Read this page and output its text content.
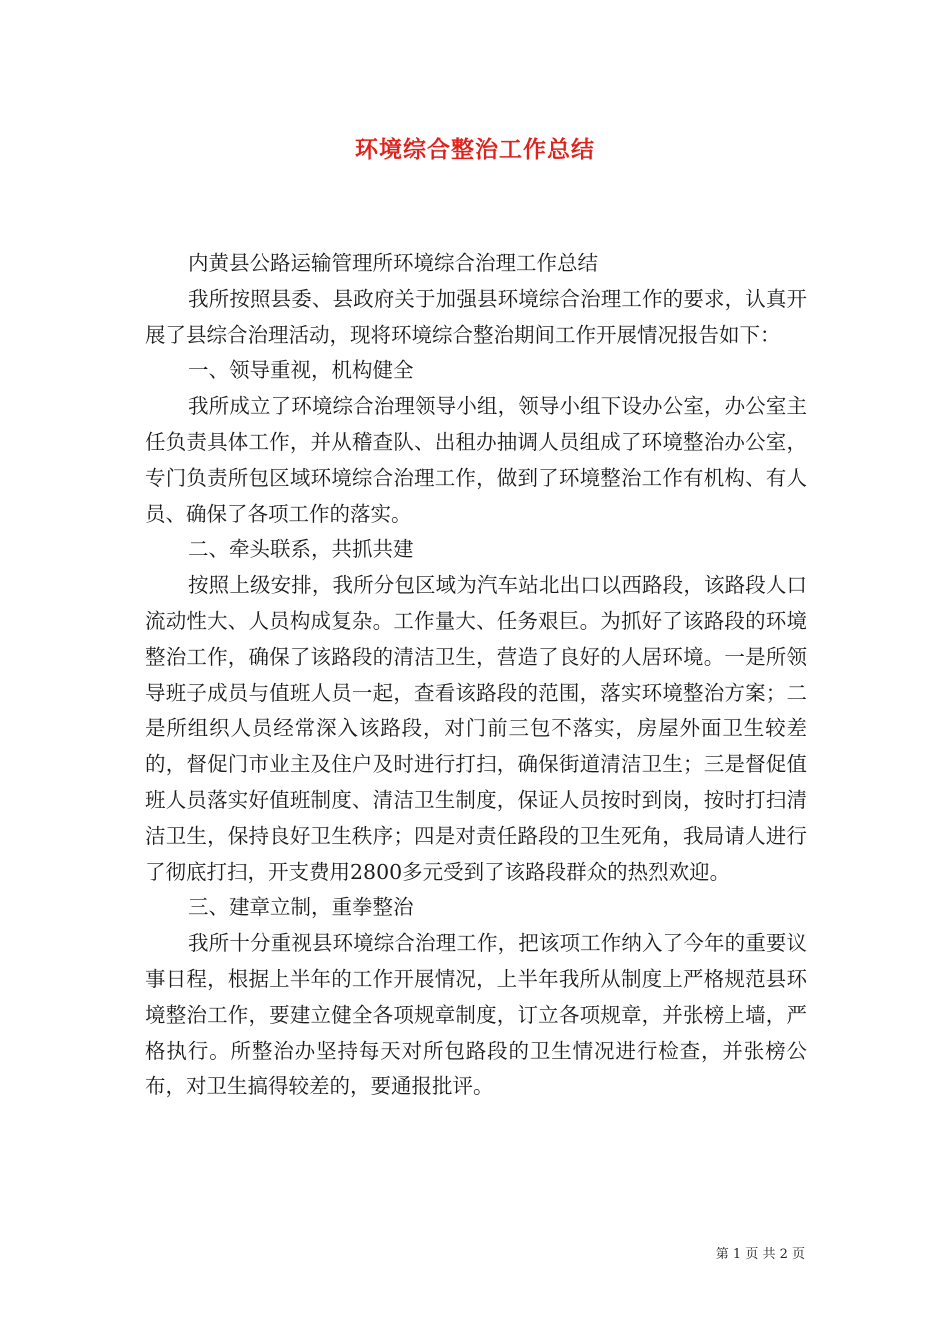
环境综合整治工作总结

内黄县公路运输管理所环境综合治理工作总结

我所按照县委、县政府关于加强县环境综合治理工作的要求，认真开展了县综合治理活动，现将环境综合整治期间工作开展情况报告如下：

一、领导重视，机构健全

我所成立了环境综合治理领导小组，领导小组下设办公室，办公室主任负责具体工作，并从稽查队、出租办抽调人员组成了环境整治办公室，专门负责所包区域环境综合治理工作，做到了环境整治工作有机构、有人员、确保了各项工作的落实。

二、牵头联系，共抓共建

按照上级安排，我所分包区域为汽车站北出口以西路段，该路段人口流动性大、人员构成复杂。工作量大、任务艰巨。为抓好了该路段的环境整治工作，确保了该路段的清洁卫生，营造了良好的人居环境。一是所领导班子成员与值班人员一起，查看该路段的范围，落实环境整治方案；二是所组织人员经常深入该路段，对门前三包不落实，房屋外面卫生较差的，督促门市业主及住户及时进行打扫，确保街道清洁卫生；三是督促值班人员落实好值班制度、清洁卫生制度，保证人员按时到岗，按时打扫清洁卫生，保持良好卫生秩序；四是对责任路段的卫生死角，我局请人进行了彻底打扫，开支费用2800多元受到了该路段群众的热烈欢迎。

三、建章立制，重拳整治

我所十分重视县环境综合治理工作，把该项工作纳入了今年的重要议事日程，根据上半年的工作开展情况，上半年我所从制度上严格规范县环境整治工作，要建立健全各项规章制度，订立各项规章，并张榜上墙，严格执行。所整治办坚持每天对所包路段的卫生情况进行检查，并张榜公布，对卫生搞得较差的，要通报批评。

第 1 页 共 2 页
